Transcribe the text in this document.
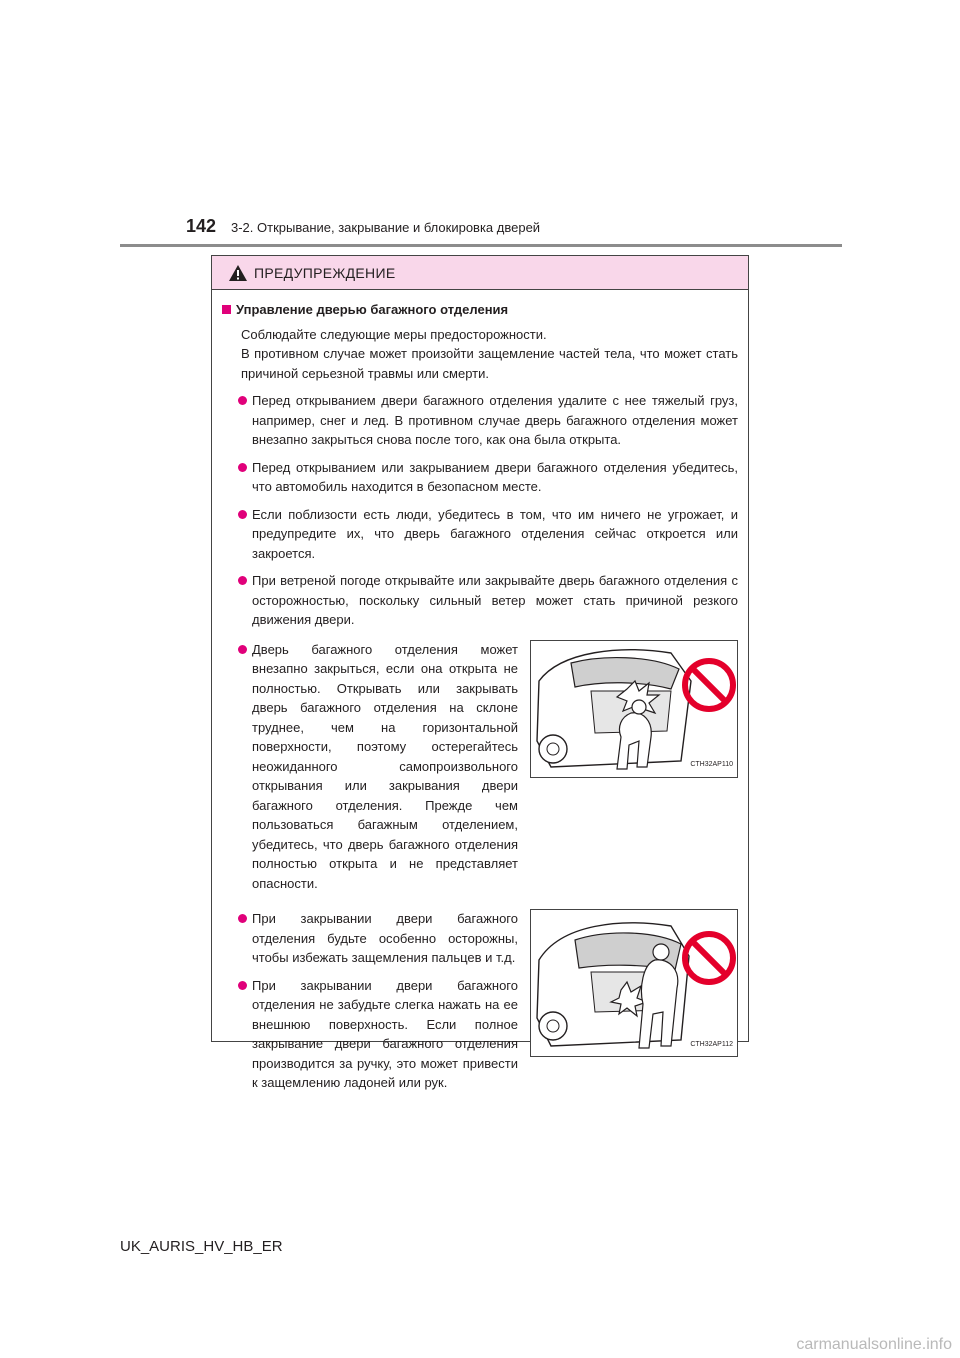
142 3-2. Открывание, закрывание и блокировка дверей
ПРЕДУПРЕЖДЕНИЕ
Управление дверью багажного отделения
Соблюдайте следующие меры предосторожности.
В противном случае может произойти защемление частей тела, что может стать причиной серьезной травмы или смерти.
Перед открыванием двери багажного отделения удалите с нее тяжелый груз, например, снег и лед. В противном случае дверь багажного отделения может внезапно закрыться снова после того, как она была открыта.
Перед открыванием или закрыванием двери багажного отделения убедитесь, что автомобиль находится в безопасном месте.
Если поблизости есть люди, убедитесь в том, что им ничего не угрожает, и предупредите их, что дверь багажного отделения сейчас откроется или закроется.
При ветреной погоде открывайте или закрывайте дверь багажного отделения с осторожностью, поскольку сильный ветер может стать причиной резкого движения двери.
Дверь багажного отделения может внезапно закрыться, если она открыта не полностью. Открывать или закрывать дверь багажного отделения на склоне труднее, чем на горизонтальной поверхности, поэтому остерегайтесь неожиданного самопроизвольного открывания или закрывания двери багажного отделения. Прежде чем пользоваться багажным отделением, убедитесь, что дверь багажного отделения полностью открыта и не представляет опасности.
CTH32AP110
При закрывании двери багажного отделения будьте особенно осторожны, чтобы избежать защемления пальцев и т.д.
При закрывании двери багажного отделения не забудьте слегка нажать на ее внешнюю поверхность. Если полное закрывание двери багажного отделения производится за ручку, это может привести к защемлению ладоней или рук.
CTH32AP112
UK_AURIS_HV_HB_ER
carmanualsonline.info
